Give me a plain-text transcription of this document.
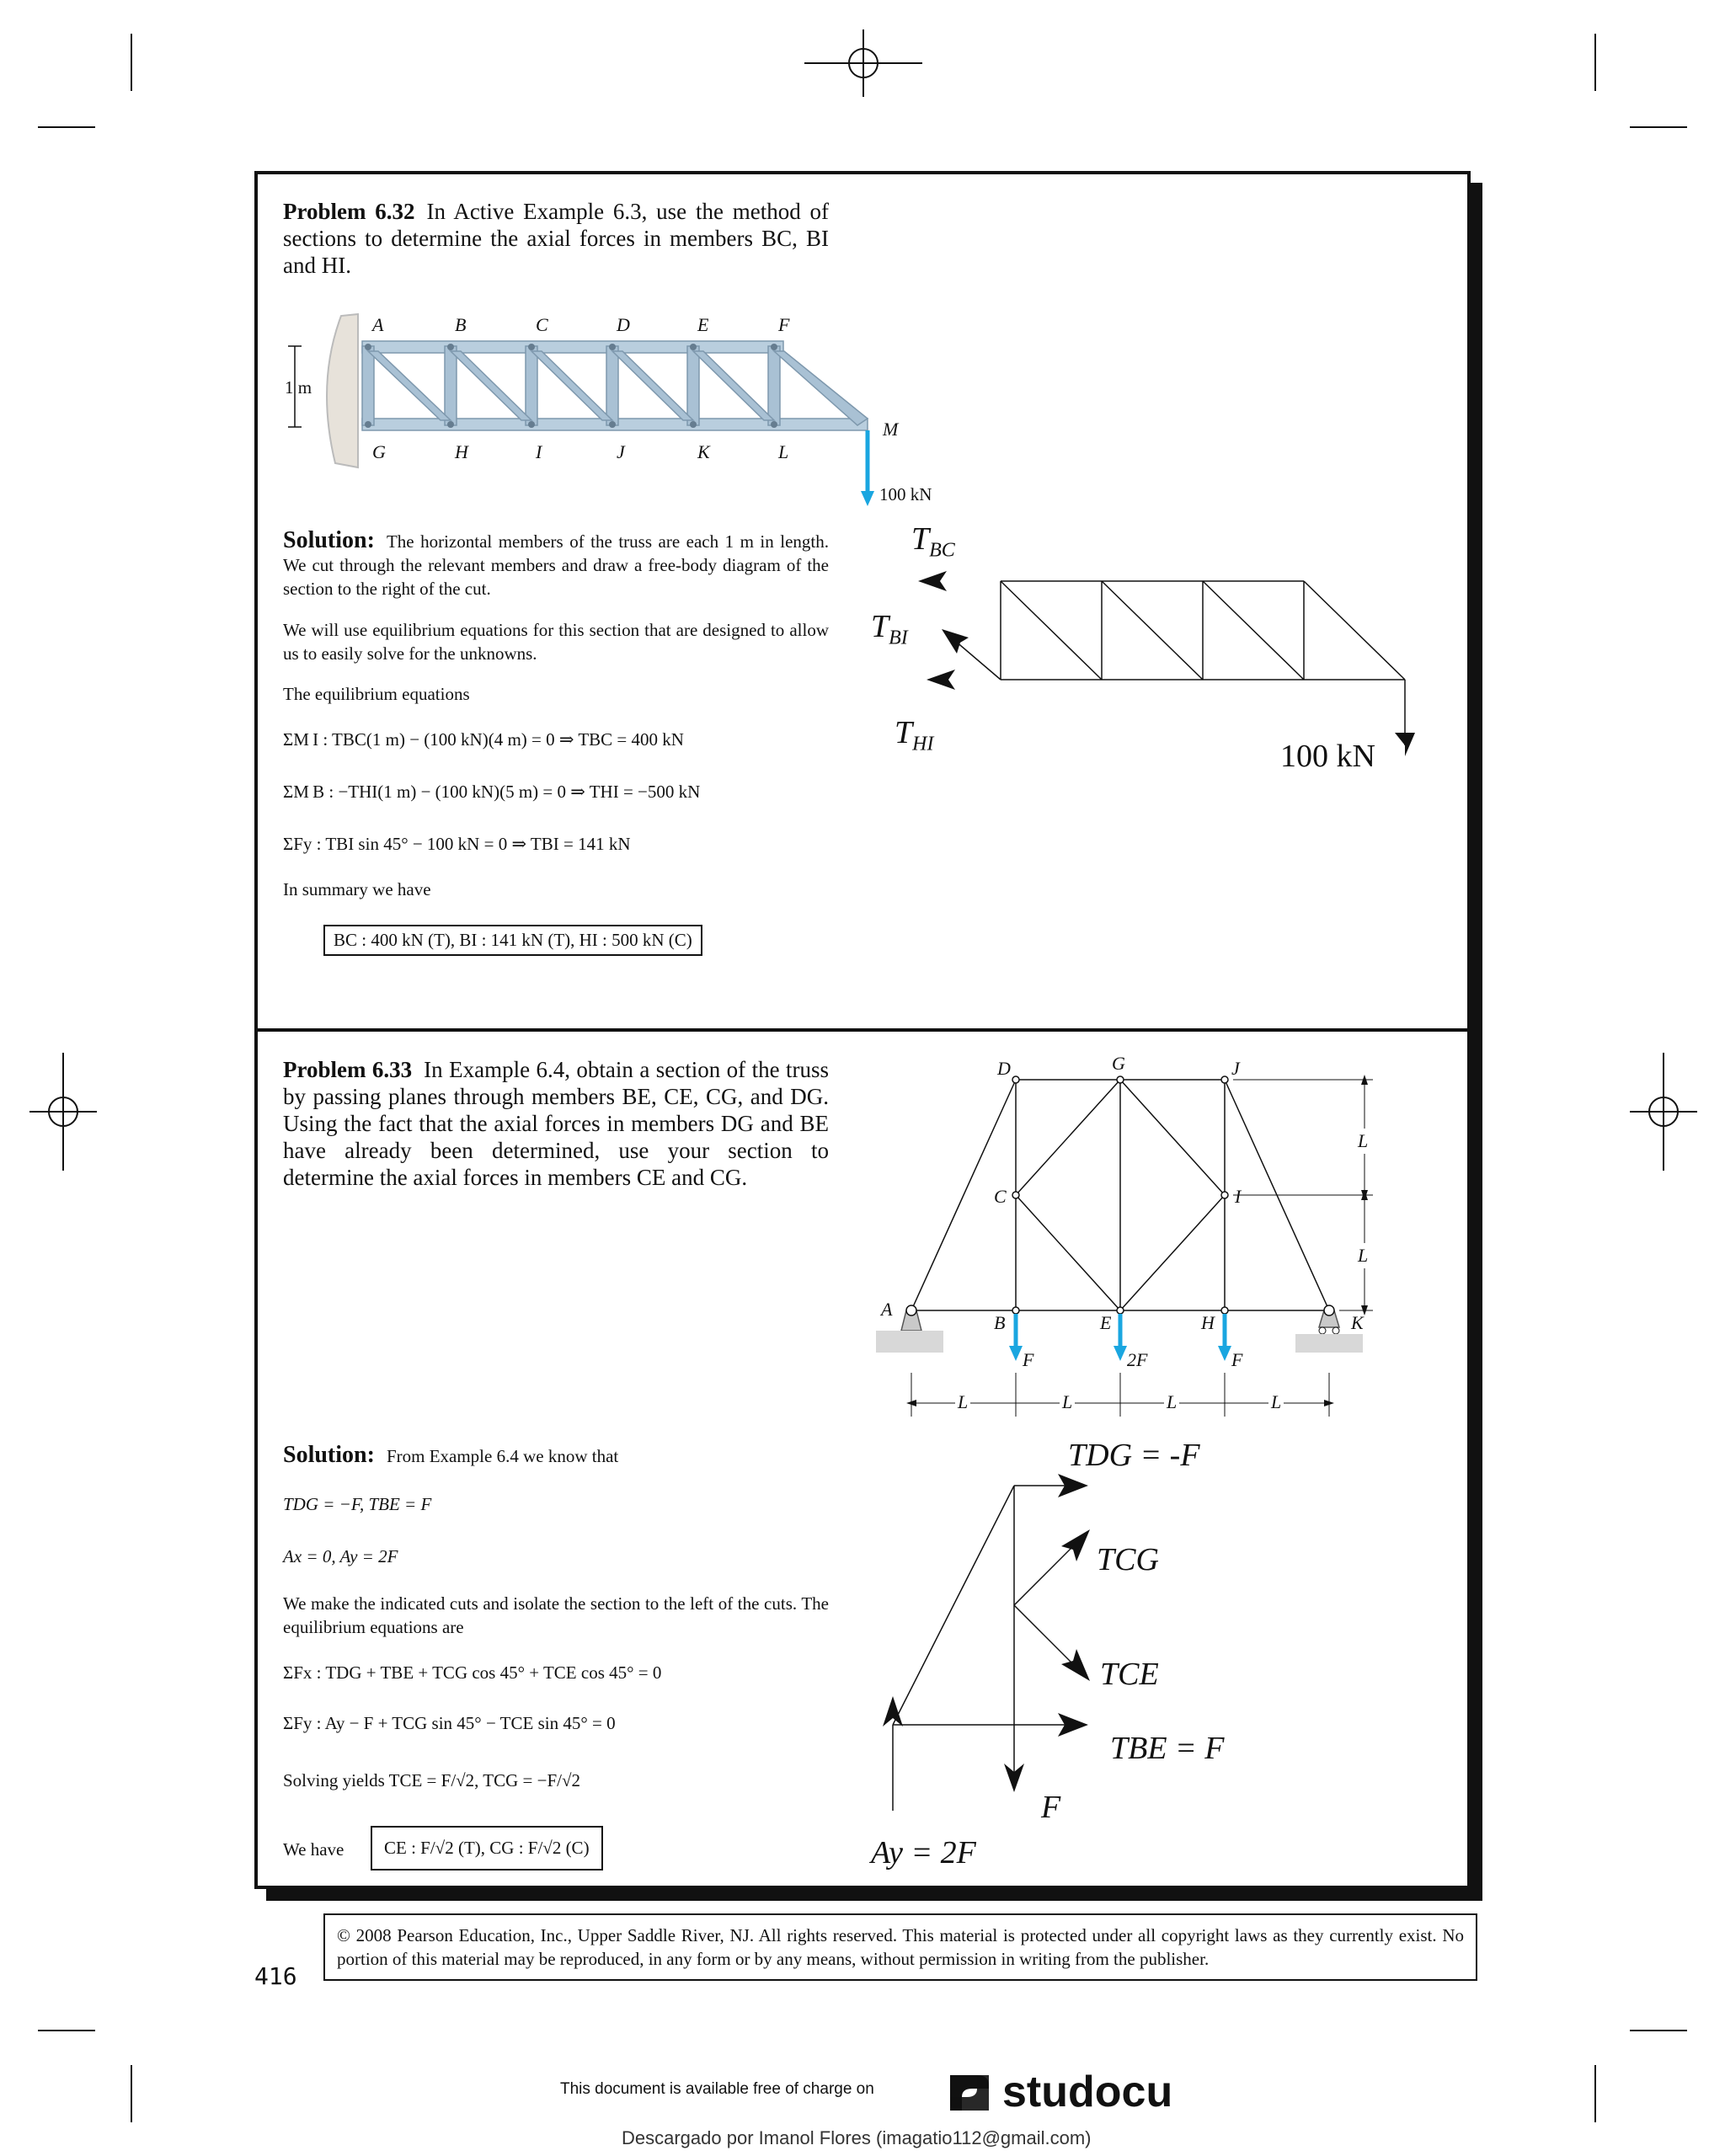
Problem 6.32 In Active Example 6.3, use the method of sections to determine the axial forces in members BC, BI and HI.
A	B	C	D	E	F
G	H	I	J	K	L
M
1 m
100 kN
$T_{BC}$
$T_{BI}$
$T_{HI}$	100 kN
Solution: The horizontal members of the truss are each 1 m in length. We cut through the relevant members and draw a free-body diagram of the section to the right of the cut.
We will use equilibrium equations for this section that are designed to allow us to easily solve for the unknowns.
The equilibrium equations
ΣM I : TBC(1 m) − (100 kN)(4 m) = 0 ⇒ TBC = 400 kN
ΣM B : −THI(1 m) − (100 kN)(5 m) = 0 ⇒ THI = −500 kN
ΣFy : TBI sin 45° − 100 kN = 0 ⇒ TBI = 141 kN
In summary we have
BC : 400 kN (T), BI : 141 kN (T), HI : 500 kN (C)
Problem 6.33 In Example 6.4, obtain a section of the truss by passing planes through members BE, CE, CG, and DG. Using the fact that the axial forces in members DG and BE have already been determined, use your section to determine the axial forces in members CE and CG.
D	G	J
C	I
A
B	E	H	K
F	2F	F
L	L	L	L
L
L
TDG = -F
TCG
TCE
TBE = F
F
Ay = 2F
Solution: From Example 6.4 we know that
TDG = −F, TBE = F
Ax = 0, Ay = 2F
We make the indicated cuts and isolate the section to the left of the cuts. The equilibrium equations are
ΣFx : TDG + TBE + TCG cos 45° + TCE cos 45° = 0
ΣFy : Ay − F + TCG sin 45° − TCE sin 45° = 0
Solving yields TCE = F/√2, TCG = −F/√2
We have	CE : F/√2 (T), CG : F/√2 (C)
© 2008 Pearson Education, Inc., Upper Saddle River, NJ. All rights reserved. This material is protected under all copyright laws as they currently exist. No portion of this material may be reproduced, in any form or by any means, without permission in writing from the publisher.
416
This document is available free of charge on	studocu
Descargado por Imanol Flores (imagatio112@gmail.com)
